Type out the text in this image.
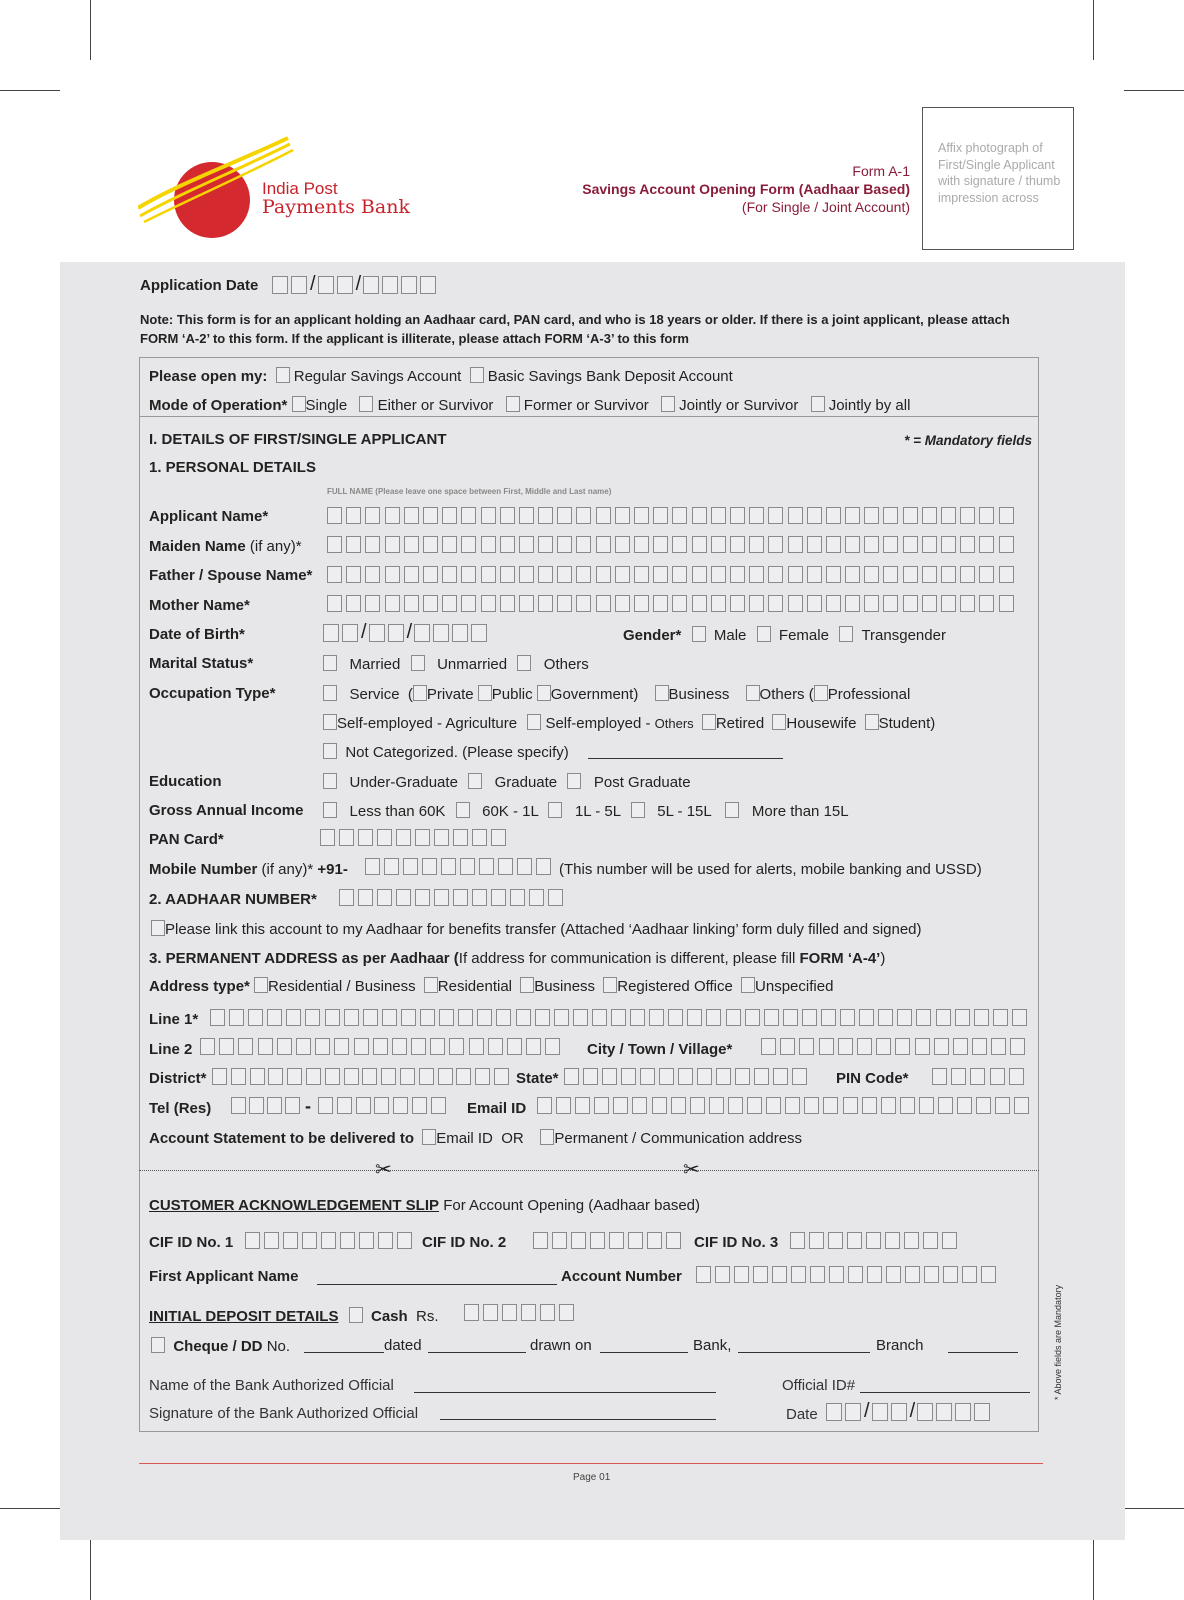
India Post
Payments Bank
Form A-1
Savings Account Opening Form (Aadhaar Based)
(For Single / Joint Account)
Affix photograph of First/Single Applicant with signature / thumb impression across
Application Date	/ /
Note: This form is for an applicant holding an Aadhaar card, PAN card, and who is 18 years or older. If there is a joint applicant, please attach FORM ‘A-2’ to this form. If the applicant is illiterate, please attach FORM ‘A-3’ to this form
Please open my: Regular Savings Account Basic Savings Bank Deposit Account
Mode of Operation* Single Either or Survivor Former or Survivor Jointly or Survivor Jointly by all
I. DETAILS OF FIRST/SINGLE APPLICANT	* = Mandatory fields
1. PERSONAL DETAILS
FULL NAME (Please leave one space between First, Middle and Last name)
Applicant Name*
Maiden Name (if any)*
Father / Spouse Name*
Mother Name*
Date of Birth*	/ /	Gender* Male Female Transgender
Marital Status*	Married Unmarried Others
Occupation Type*	Service  ( Private Public Government) Business Others ( Professional
Self-employed - Agriculture Self-employed - Others Retired Housewife Student)
Not Categorized. (Please specify)
Education	Under-Graduate Graduate Post Graduate
Gross Annual Income	Less than 60K 60K - 1L 1L - 5L 5L - 15L	More than 15L
PAN Card*
Mobile Number (if any)* +91-	(This number will be used for alerts, mobile banking and USSD)
2. AADHAAR NUMBER*
Please link this account to my Aadhaar for benefits transfer (Attached ‘Aadhaar linking’ form duly filled and signed)
3. PERMANENT ADDRESS as per Aadhaar (If address for communication is different, please fill FORM ‘A-4’)
Address type* Residential / Business Residential Business Registered Office Unspecified
Line 1*
Line 2	City / Town / Village*
District*	State*	PIN Code*
Tel (Res)	-	Email ID
Account Statement to be delivered to Email ID OR Permanent / Communication address
✂	✂
CUSTOMER ACKNOWLEDGEMENT SLIP For Account Opening (Aadhaar based)
CIF ID No. 1	CIF ID No. 2	CIF ID No. 3
First Applicant Name	Account Number
INITIAL DEPOSIT DETAILS Cash Rs.
Cheque / DD No.	dated	drawn on	Bank,	Branch
Name of the Bank Authorized Official	Official ID#
Signature of the Bank Authorized Official	Date	/ /
* Above fields are Mandatory
Page 01
